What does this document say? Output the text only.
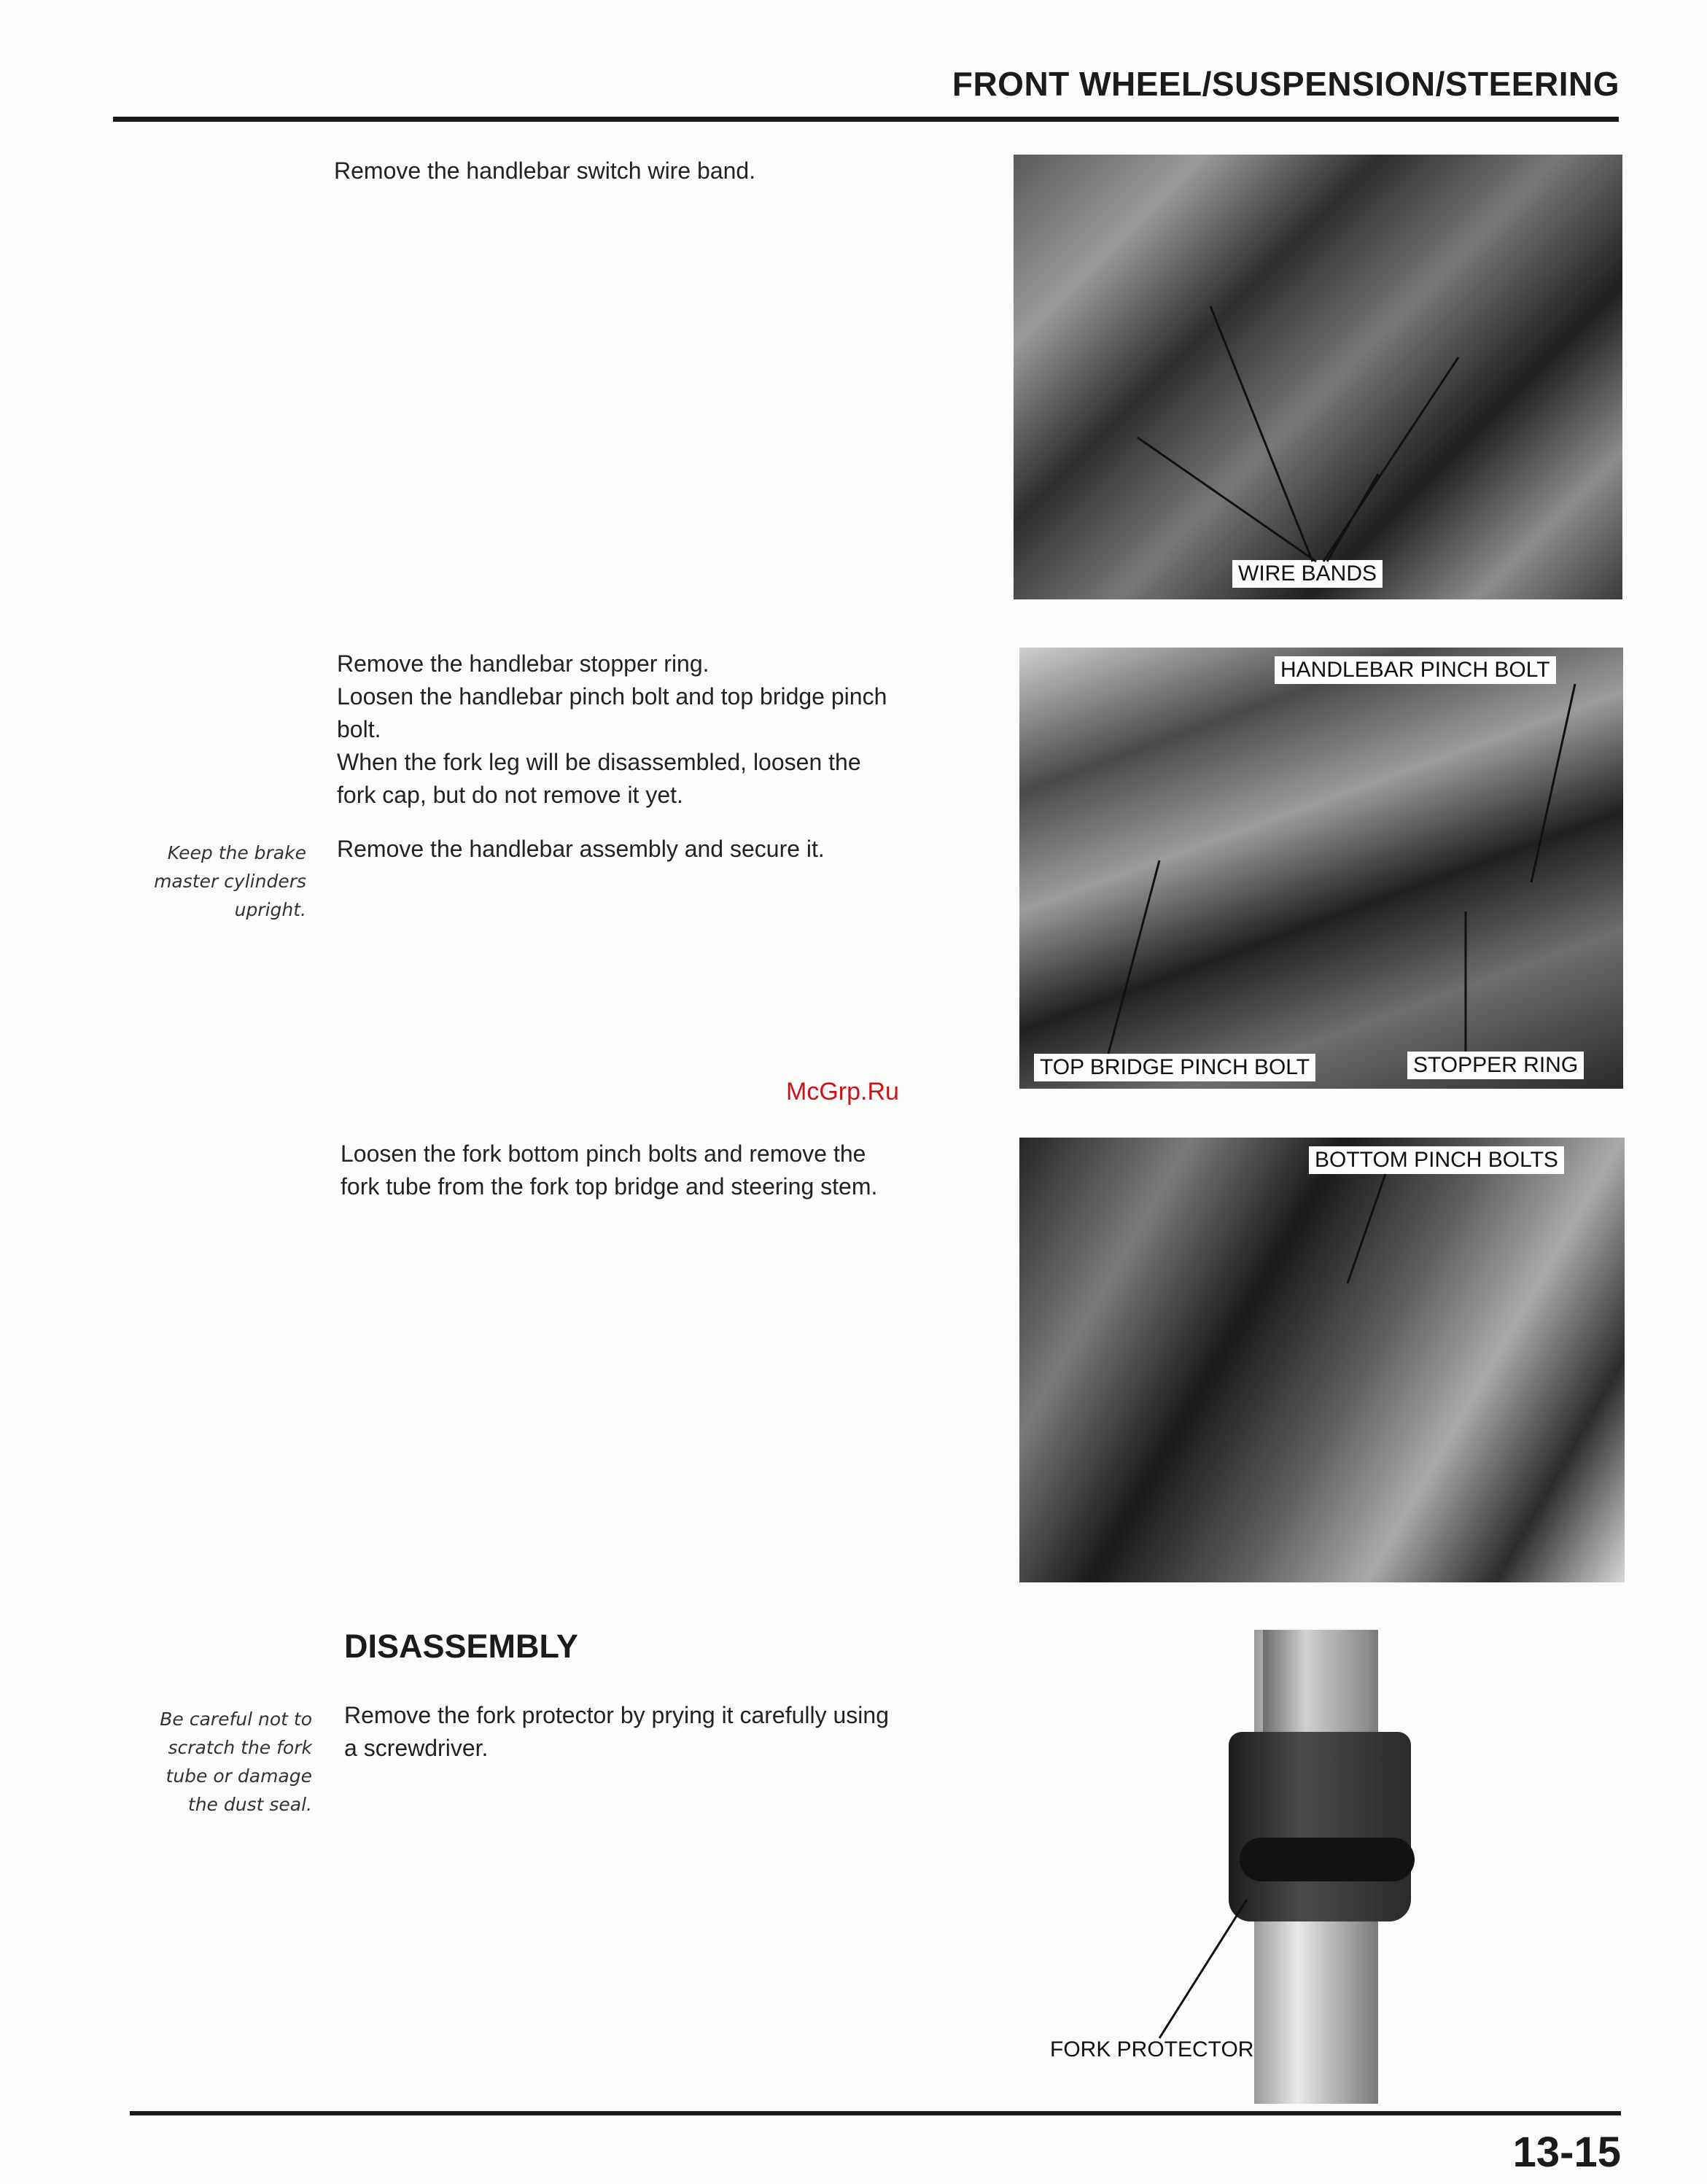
FRONT WHEEL/SUSPENSION/STEERING
Remove the handlebar switch wire band.
WIRE BANDS
Remove the handlebar stopper ring.
Loosen the handlebar pinch bolt and top bridge pinch
bolt.
When the fork leg will be disassembled, loosen the
fork cap, but do not remove it yet.
Keep the brake
master cylinders
upright.
Remove the handlebar assembly and secure it.
HANDLEBAR PINCH BOLT
TOP BRIDGE PINCH BOLT	STOPPER RING
McGrp.Ru
Loosen the fork bottom pinch bolts and remove the
fork tube from the fork top bridge and steering stem.
BOTTOM PINCH BOLTS
DISASSEMBLY
Be careful not to
scratch the fork
tube or damage
the dust seal.
Remove the fork protector by prying it carefully using
a screwdriver.
FORK PROTECTOR
13-15
